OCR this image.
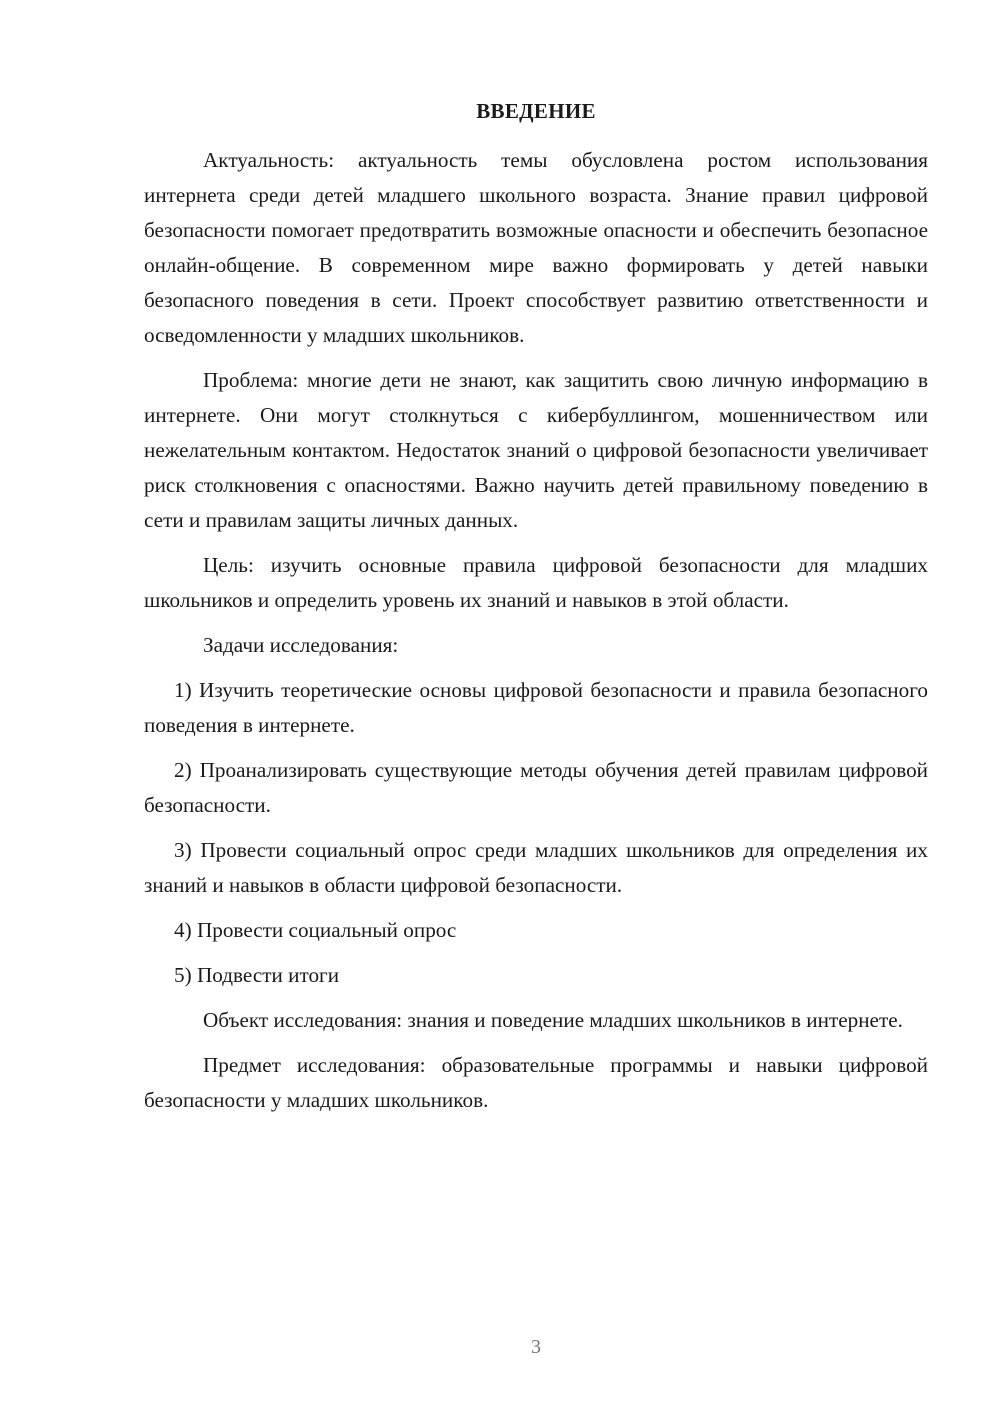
ВВЕДЕНИЕ

Актуальность: актуальность темы обусловлена ростом использования интернета среди детей младшего школьного возраста. Знание правил цифровой безопасности помогает предотвратить возможные опасности и обеспечить безопасное онлайн-общение. В современном мире важно формировать у детей навыки безопасного поведения в сети. Проект способствует развитию ответственности и осведомленности у младших школьников.

Проблема: многие дети не знают, как защитить свою личную информацию в интернете. Они могут столкнуться с кибербуллингом, мошенничеством или нежелательным контактом. Недостаток знаний о цифровой безопасности увеличивает риск столкновения с опасностями. Важно научить детей правильному поведению в сети и правилам защиты личных данных.

Цель: изучить основные правила цифровой безопасности для младших школьников и определить уровень их знаний и навыков в этой области.

Задачи исследования:

1) Изучить теоретические основы цифровой безопасности и правила безопасного поведения в интернете.

2) Проанализировать существующие методы обучения детей правилам цифровой безопасности.

3) Провести социальный опрос среди младших школьников для определения их знаний и навыков в области цифровой безопасности.

4) Провести социальный опрос

5) Подвести итоги

Объект исследования: знания и поведение младших школьников в интернете.

Предмет исследования: образовательные программы и навыки цифровой безопасности у младших школьников.

3
